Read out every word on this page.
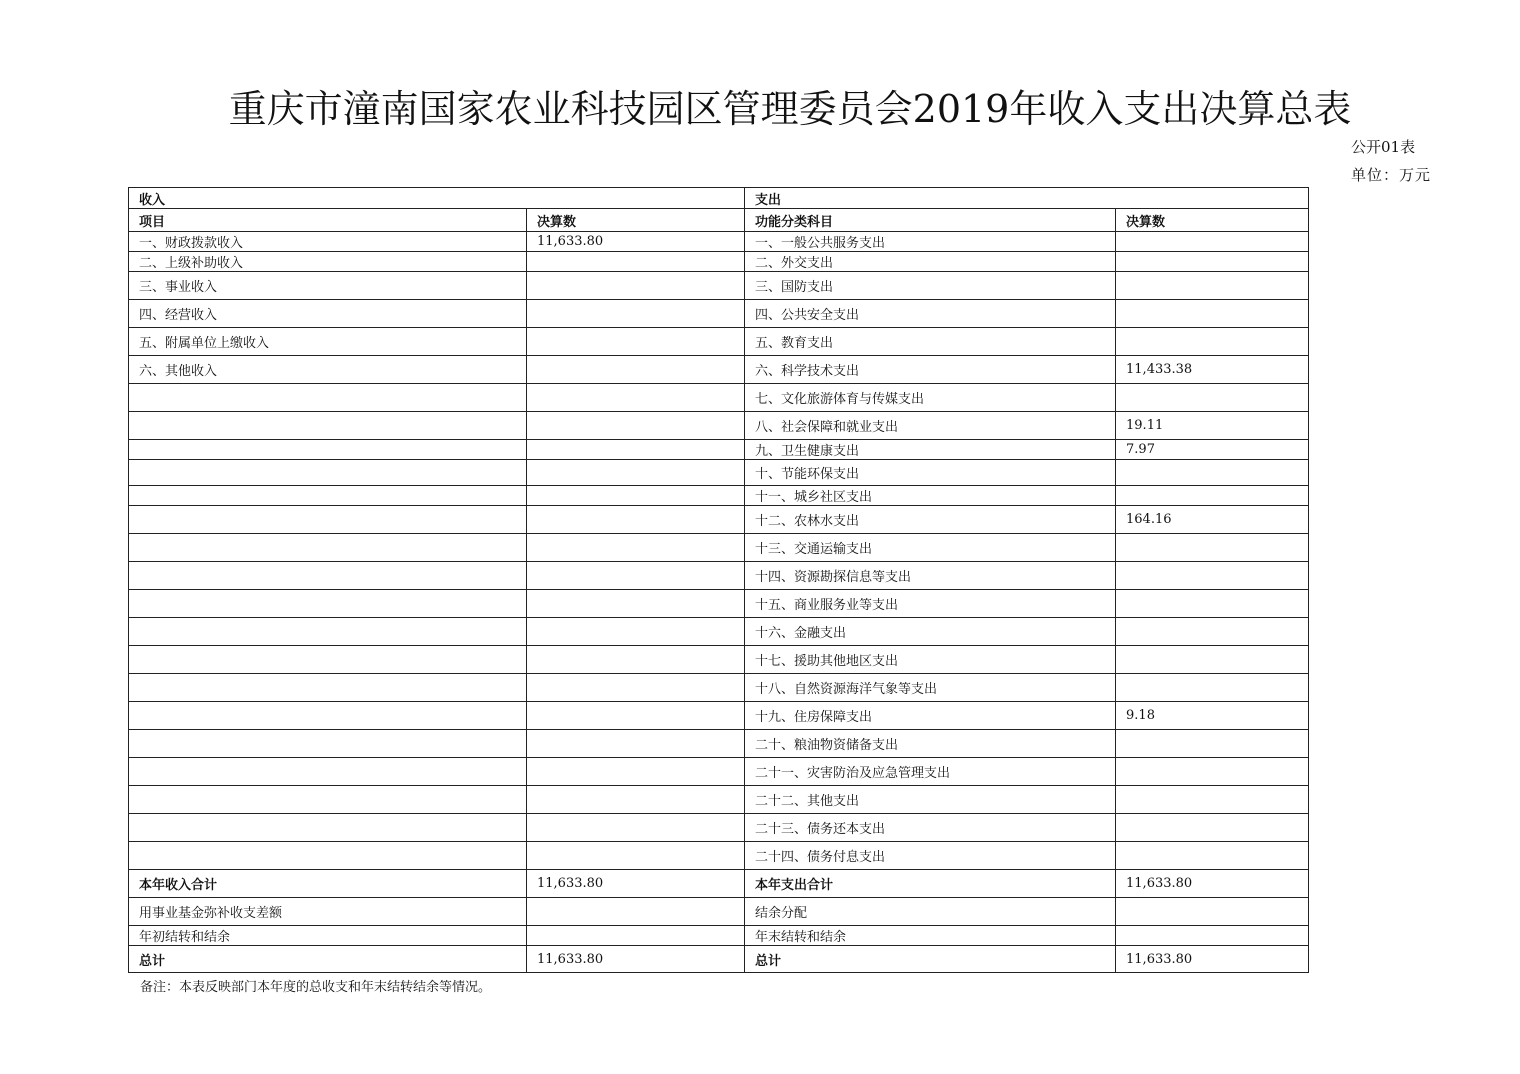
重庆市潼南国家农业科技园区管理委员会2019年收入支出决算总表
公开01表
单位：万元
收入		支出	
项目	决算数	功能分类科目	决算数
一、财政拨款收入	11,633.80	一、一般公共服务支出	
二、上级补助收入		二、外交支出	
三、事业收入		三、国防支出	
四、经营收入		四、公共安全支出	
五、附属单位上缴收入		五、教育支出	
六、其他收入		六、科学技术支出	11,433.38
		七、文化旅游体育与传媒支出	
		八、社会保障和就业支出	19.11
		九、卫生健康支出	7.97
		十、节能环保支出	
		十一、城乡社区支出	
		十二、农林水支出	164.16
		十三、交通运输支出	
		十四、资源勘探信息等支出	
		十五、商业服务业等支出	
		十六、金融支出	
		十七、援助其他地区支出	
		十八、自然资源海洋气象等支出	
		十九、住房保障支出	9.18
		二十、粮油物资储备支出	
		二十一、灾害防治及应急管理支出	
		二十二、其他支出	
		二十三、债务还本支出	
		二十四、债务付息支出	
本年收入合计	11,633.80	本年支出合计	11,633.80
用事业基金弥补收支差额		结余分配	
年初结转和结余		年末结转和结余	
总计	11,633.80	总计	11,633.80
备注：本表反映部门本年度的总收支和年末结转结余等情况。
